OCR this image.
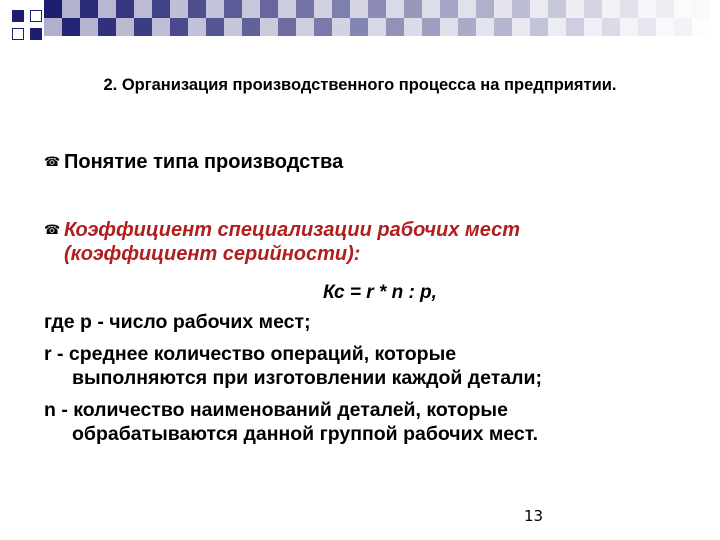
2. Организация производственного процесса на предприятии.
☎ Понятие типа производства
☎ Коэффициент специализации рабочих мест
(коэффициент серийности):
Кс = r * n : p,
где р - число рабочих мест;
r - среднее количество операций, которые
выполняются при изготовлении каждой детали;
n - количество наименований деталей, которые
обрабатываются данной группой рабочих мест.
13
